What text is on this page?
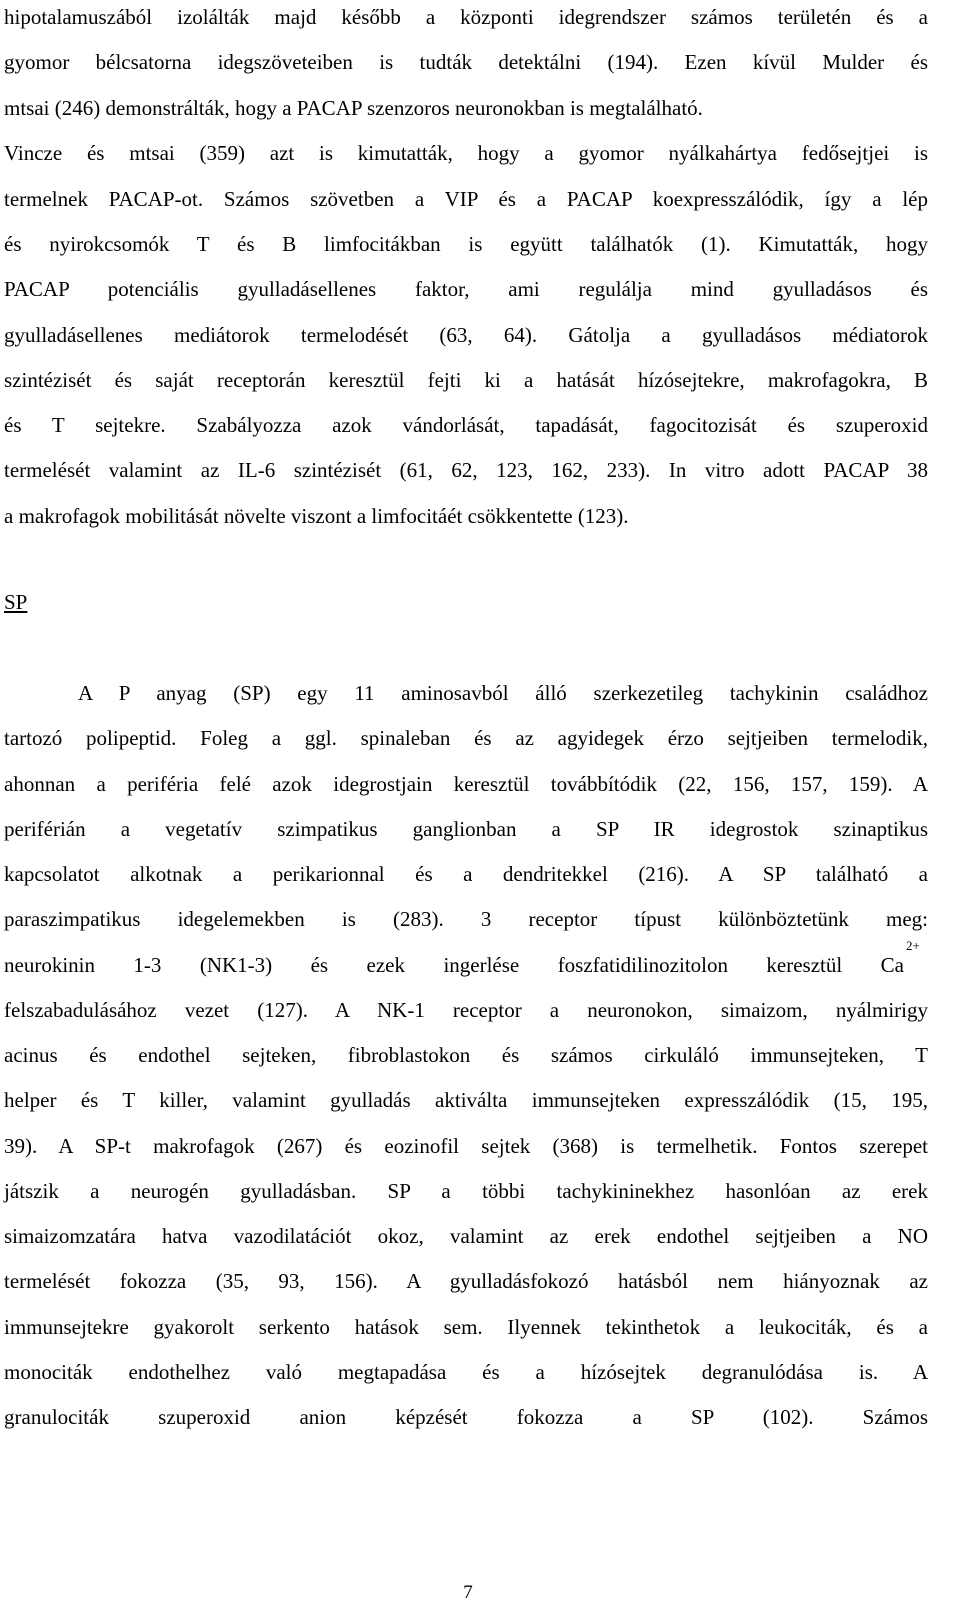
hipotalamuszából izolálták majd később a központi idegrendszer számos területén és a
gyomor bélcsatorna idegszöveteiben is tudták detektálni (194). Ezen kívül Mulder és
mtsai (246) demonstrálták, hogy a PACAP szenzoros neuronokban is megtalálható.
Vincze és mtsai (359) azt is kimutatták, hogy a gyomor nyálkahártya fedősejtjei is
termelnek PACAP-ot. Számos szövetben a VIP és a PACAP koexpresszálódik, így a lép
és nyirokcsomók T és B limfocitákban is együtt találhatók (1). Kimutatták, hogy
PACAP potenciális gyulladásellenes faktor, ami regulálja mind gyulladásos és
gyulladásellenes mediátorok termelodését (63, 64). Gátolja a gyulladásos médiatorok
szintézisét és saját receptorán keresztül fejti ki a hatását hízósejtekre, makrofagokra, B
és T sejtekre. Szabályozza azok vándorlását, tapadását, fagocitozisát és szuperoxid
termelését valamint az IL-6 szintézisét (61, 62, 123, 162, 233). In vitro adott PACAP 38
a makrofagok mobilitását növelte viszont a limfocitáét csökkentette (123).
SP
A P anyag (SP) egy 11 aminosavból álló szerkezetileg tachykinin családhoz
tartozó polipeptid. Foleg a ggl. spinaleban és az agyidegek érzo sejtjeiben termelodik,
ahonnan a periféria felé azok idegrostjain keresztül továbbítódik (22, 156, 157, 159). A
periférián a vegetatív szimpatikus ganglionban a SP IR idegrostok szinaptikus
kapcsolatot alkotnak a perikarionnal és a dendritekkel (216). A SP található a
paraszimpatikus idegelemekben is (283). 3 receptor típust különböztetünk meg:
neurokinin 1-3 (NK1-3) és ezek ingerlése foszfatidilinozitolon keresztül Ca
2+
felszabadulásához vezet (127). A NK-1 receptor a neuronokon, simaizom, nyálmirigy
acinus és endothel sejteken, fibroblastokon és számos cirkuláló immunsejteken, T
helper és T killer, valamint gyulladás aktiválta immunsejteken expresszálódik (15, 195,
39). A SP-t makrofagok (267) és eozinofil sejtek (368) is termelhetik. Fontos szerepet
játszik a neurogén gyulladásban. SP a többi tachykininekhez hasonlóan az erek
simaizomzatára hatva vazodilatációt okoz, valamint az erek endothel sejtjeiben a NO
termelését fokozza (35, 93, 156). A gyulladásfokozó hatásból nem hiányoznak az
immunsejtekre gyakorolt serkento hatások sem. Ilyennek tekinthetok a leukociták, és a
monociták endothelhez való megtapadása és a hízósejtek degranulódása is. A
granulociták szuperoxid anion képzését fokozza a SP (102). Számos
7
